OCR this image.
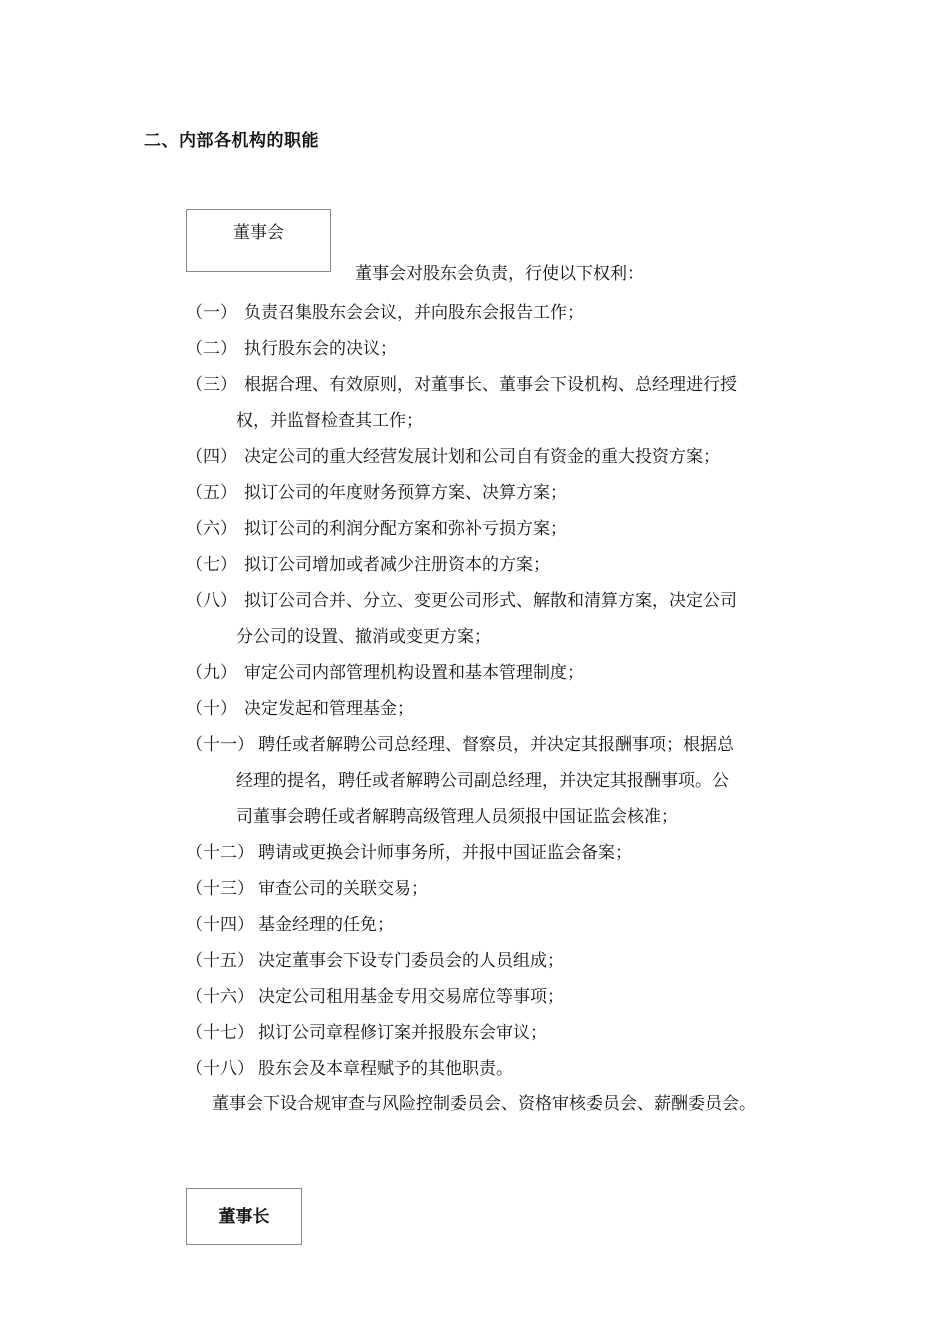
二、内部各机构的职能
董事会
董事会对股东会负责，行使以下权利：
（一） 负责召集股东会会议，并向股东会报告工作；
（二） 执行股东会的决议；
（三） 根据合理、有效原则，对董事长、董事会下设机构、总经理进行授
权，并监督检查其工作；
（四） 决定公司的重大经营发展计划和公司自有资金的重大投资方案；
（五） 拟订公司的年度财务预算方案、决算方案；
（六） 拟订公司的利润分配方案和弥补亏损方案；
（七） 拟订公司增加或者减少注册资本的方案；
（八） 拟订公司合并、分立、变更公司形式、解散和清算方案，决定公司
分公司的设置、撤消或变更方案；
（九） 审定公司内部管理机构设置和基本管理制度；
（十） 决定发起和管理基金；
（十一） 聘任或者解聘公司总经理、督察员，并决定其报酬事项；根据总
经理的提名，聘任或者解聘公司副总经理，并决定其报酬事项。公
司董事会聘任或者解聘高级管理人员须报中国证监会核准；
（十二） 聘请或更换会计师事务所，并报中国证监会备案；
（十三） 审查公司的关联交易；
（十四） 基金经理的任免；
（十五） 决定董事会下设专门委员会的人员组成；
（十六） 决定公司租用基金专用交易席位等事项；
（十七） 拟订公司章程修订案并报股东会审议；
（十八） 股东会及本章程赋予的其他职责。
董事会下设合规审查与风险控制委员会、资格审核委员会、薪酬委员会。
董事长
